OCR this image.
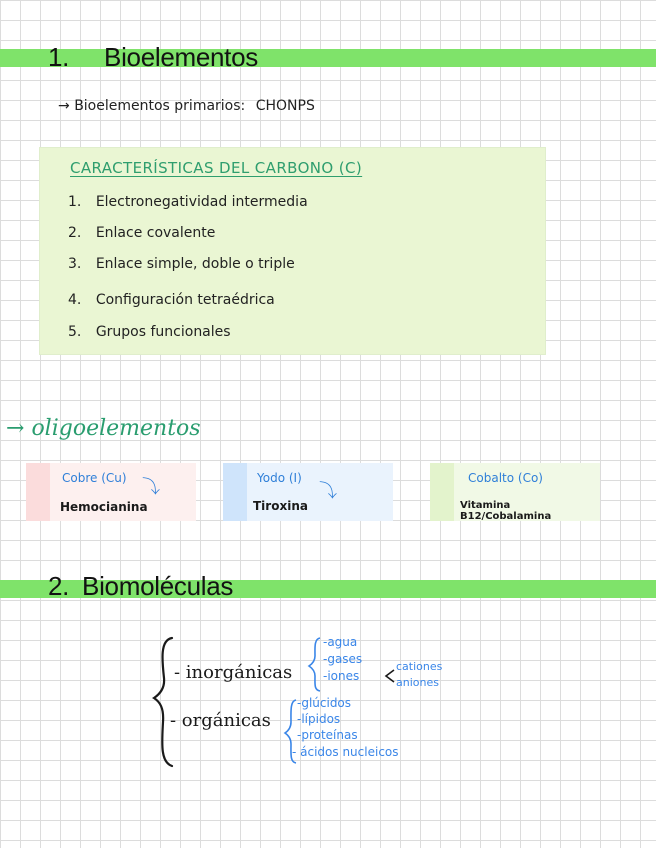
1. Bioelementos
→ Bioelementos primarios: CHONPS
CARACTERÍSTICAS DEL CARBONO (C)
1. Electronegatividad intermedia
2. Enlace covalente
3. Enlace simple, doble o triple
4. Configuración tetraédrica
5. Grupos funcionales
→ oligoelementos
Cobre (Cu) ⤵
Hemocianina
Yodo (I)
⤵
Tiroxina
Cobalto (Co)
Vitamina B12/Cobalamina
2. Biomoléculas
- inorgánicas
-agua
-gases
-iones
cationes
aniones
- orgánicas
-glúcidos
-lípidos
-proteínas
- ácidos nucleicos
